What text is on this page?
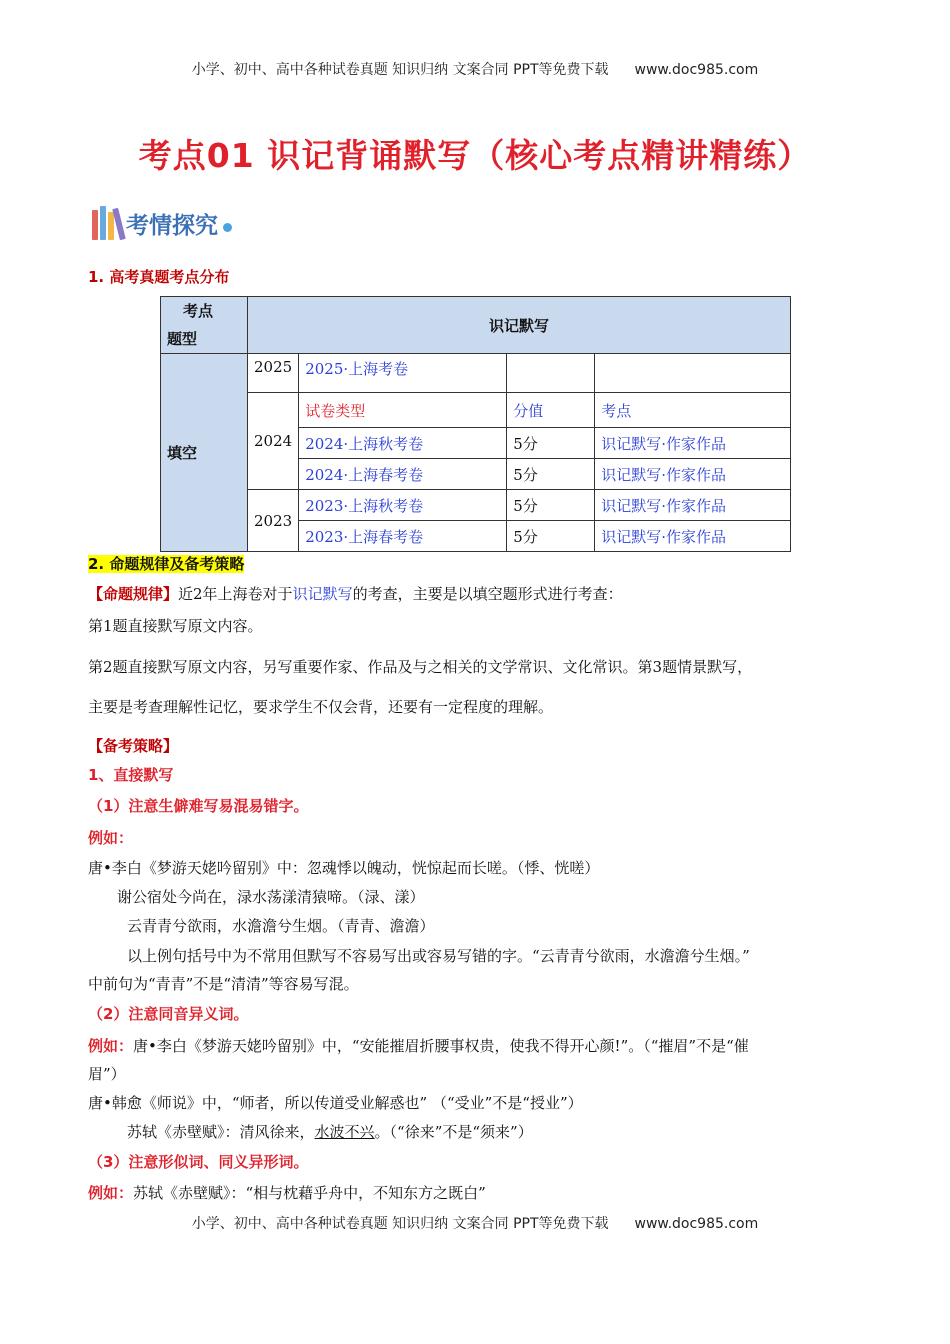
小学、初中、高中各种试卷真题 知识归纳 文案合同 PPT等免费下载 www.doc985.com
考点01 识记背诵默写（核心考点精讲精练）
考情探究
1. 高考真题考点分布
考点
题型	识记默写			
填空	2025	2025·上海考卷		
	2024	试卷类型	分值	考点
		2024·上海秋考卷	5分	识记默写·作家作品
		2024·上海春考卷	5分	识记默写·作家作品
	2023	2023·上海秋考卷	5分	识记默写·作家作品
		2023·上海春考卷	5分	识记默写·作家作品
2. 命题规律及备考策略
【命题规律】近2年上海卷对于识记默写的考查，主要是以填空题形式进行考查：
第1题直接默写原文内容。
第2题直接默写原文内容，另写重要作家、作品及与之相关的文学常识、文化常识。第3题情景默写，
主要是考查理解性记忆，要求学生不仅会背，还要有一定程度的理解。
【备考策略】
1、直接默写
（1）注意生僻难写易混易错字。
例如：
唐•李白《梦游天姥吟留别》中：忽魂悸以魄动，恍惊起而长嗟。（悸、恍嗟）
谢公宿处今尚在，渌水荡漾清猿啼。（渌、漾）
云青青兮欲雨，水澹澹兮生烟。（青青、澹澹）
以上例句括号中为不常用但默写不容易写出或容易写错的字。“云青青兮欲雨，水澹澹兮生烟。”
中前句为“青青”不是“清清”等容易写混。
（2）注意同音异义词。
例如：唐•李白《梦游天姥吟留别》中，“安能摧眉折腰事权贵，使我不得开心颜!”。（“摧眉”不是“催
眉”）
唐•韩愈《师说》中，“师者，所以传道受业解惑也” （“受业”不是“授业”）
苏轼《赤壁赋》：清风徐来，水波不兴。（“徐来”不是“须来”）
（3）注意形似词、同义异形词。
例如：苏轼《赤壁赋》：“相与枕藉乎舟中，不知东方之既白”
小学、初中、高中各种试卷真题 知识归纳 文案合同 PPT等免费下载 www.doc985.com
